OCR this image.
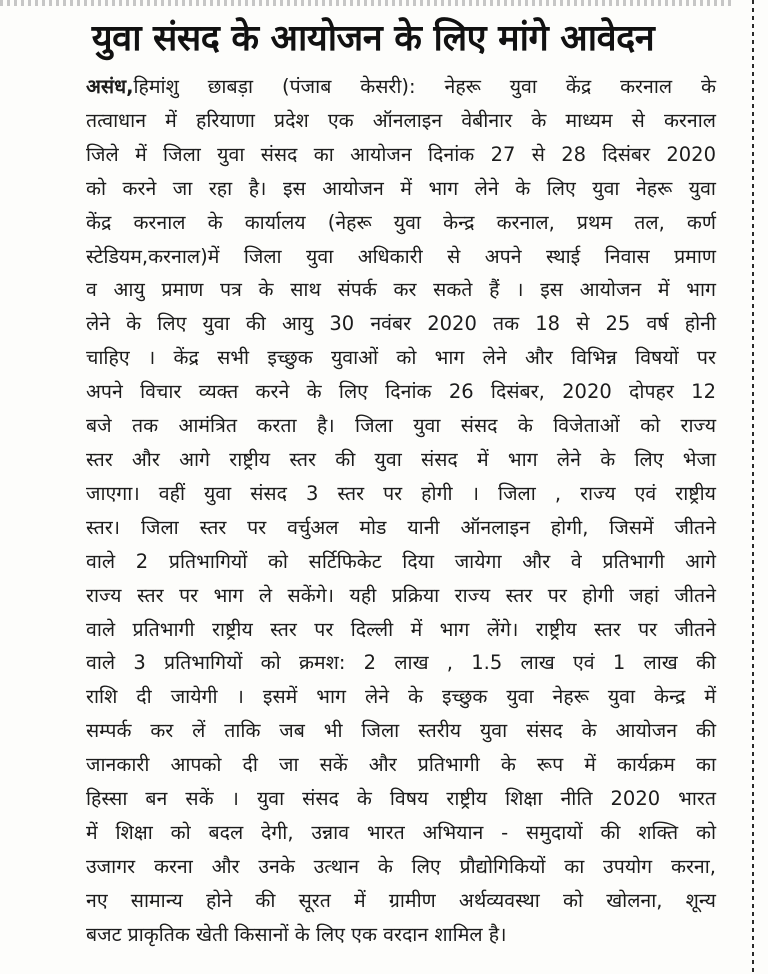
युवा संसद के आयोजन के लिए मांगे आवेदन
असंध,हिमांशु छाबड़ा (पंजाब केसरी): नेहरू युवा केंद्र करनाल के
तत्वाधान में हरियाणा प्रदेश एक ऑनलाइन वेबीनार के माध्यम से करनाल
जिले में जिला युवा संसद का आयोजन दिनांक 27 से 28 दिसंबर 2020
को करने जा रहा है। इस आयोजन में भाग लेने के लिए युवा नेहरू युवा
केंद्र करनाल के कार्यालय (नेहरू युवा केन्द्र करनाल, प्रथम तल, कर्ण
स्टेडियम,करनाल)में जिला युवा अधिकारी से अपने स्थाई निवास प्रमाण
व आयु प्रमाण पत्र के साथ संपर्क कर सकते हैं । इस आयोजन में भाग
लेने के लिए युवा की आयु 30 नवंबर 2020 तक 18 से 25 वर्ष होनी
चाहिए । केंद्र सभी इच्छुक युवाओं को भाग लेने और विभिन्न विषयों पर
अपने विचार व्यक्त करने के लिए दिनांक 26 दिसंबर, 2020 दोपहर 12
बजे तक आमंत्रित करता है। जिला युवा संसद के विजेताओं को राज्य
स्तर और आगे राष्ट्रीय स्तर की युवा संसद में भाग लेने के लिए भेजा
जाएगा। वहीं युवा संसद 3 स्तर पर होगी । जिला , राज्य एवं राष्ट्रीय
स्तर। जिला स्तर पर वर्चुअल मोड यानी ऑनलाइन होगी, जिसमें जीतने
वाले 2 प्रतिभागियों को सर्टिफिकेट दिया जायेगा और वे प्रतिभागी आगे
राज्य स्तर पर भाग ले सकेंगे। यही प्रक्रिया राज्य स्तर पर होगी जहां जीतने
वाले प्रतिभागी राष्ट्रीय स्तर पर दिल्ली में भाग लेंगे। राष्ट्रीय स्तर पर जीतने
वाले 3 प्रतिभागियों को क्रमश: 2 लाख , 1.5 लाख एवं 1 लाख की
राशि दी जायेगी । इसमें भाग लेने के इच्छुक युवा नेहरू युवा केन्द्र में
सम्पर्क कर लें ताकि जब भी जिला स्तरीय युवा संसद के आयोजन की
जानकारी आपको दी जा सकें और प्रतिभागी के रूप में कार्यक्रम का
हिस्सा बन सकें । युवा संसद के विषय राष्ट्रीय शिक्षा नीति 2020 भारत
में शिक्षा को बदल देगी, उन्नाव भारत अभियान - समुदायों की शक्ति को
उजागर करना और उनके उत्थान के लिए प्रौद्योगिकियों का उपयोग करना,
नए सामान्य होने की सूरत में ग्रामीण अर्थव्यवस्था को खोलना, शून्य
बजट प्राकृतिक खेती किसानों के लिए एक वरदान शामिल है।
